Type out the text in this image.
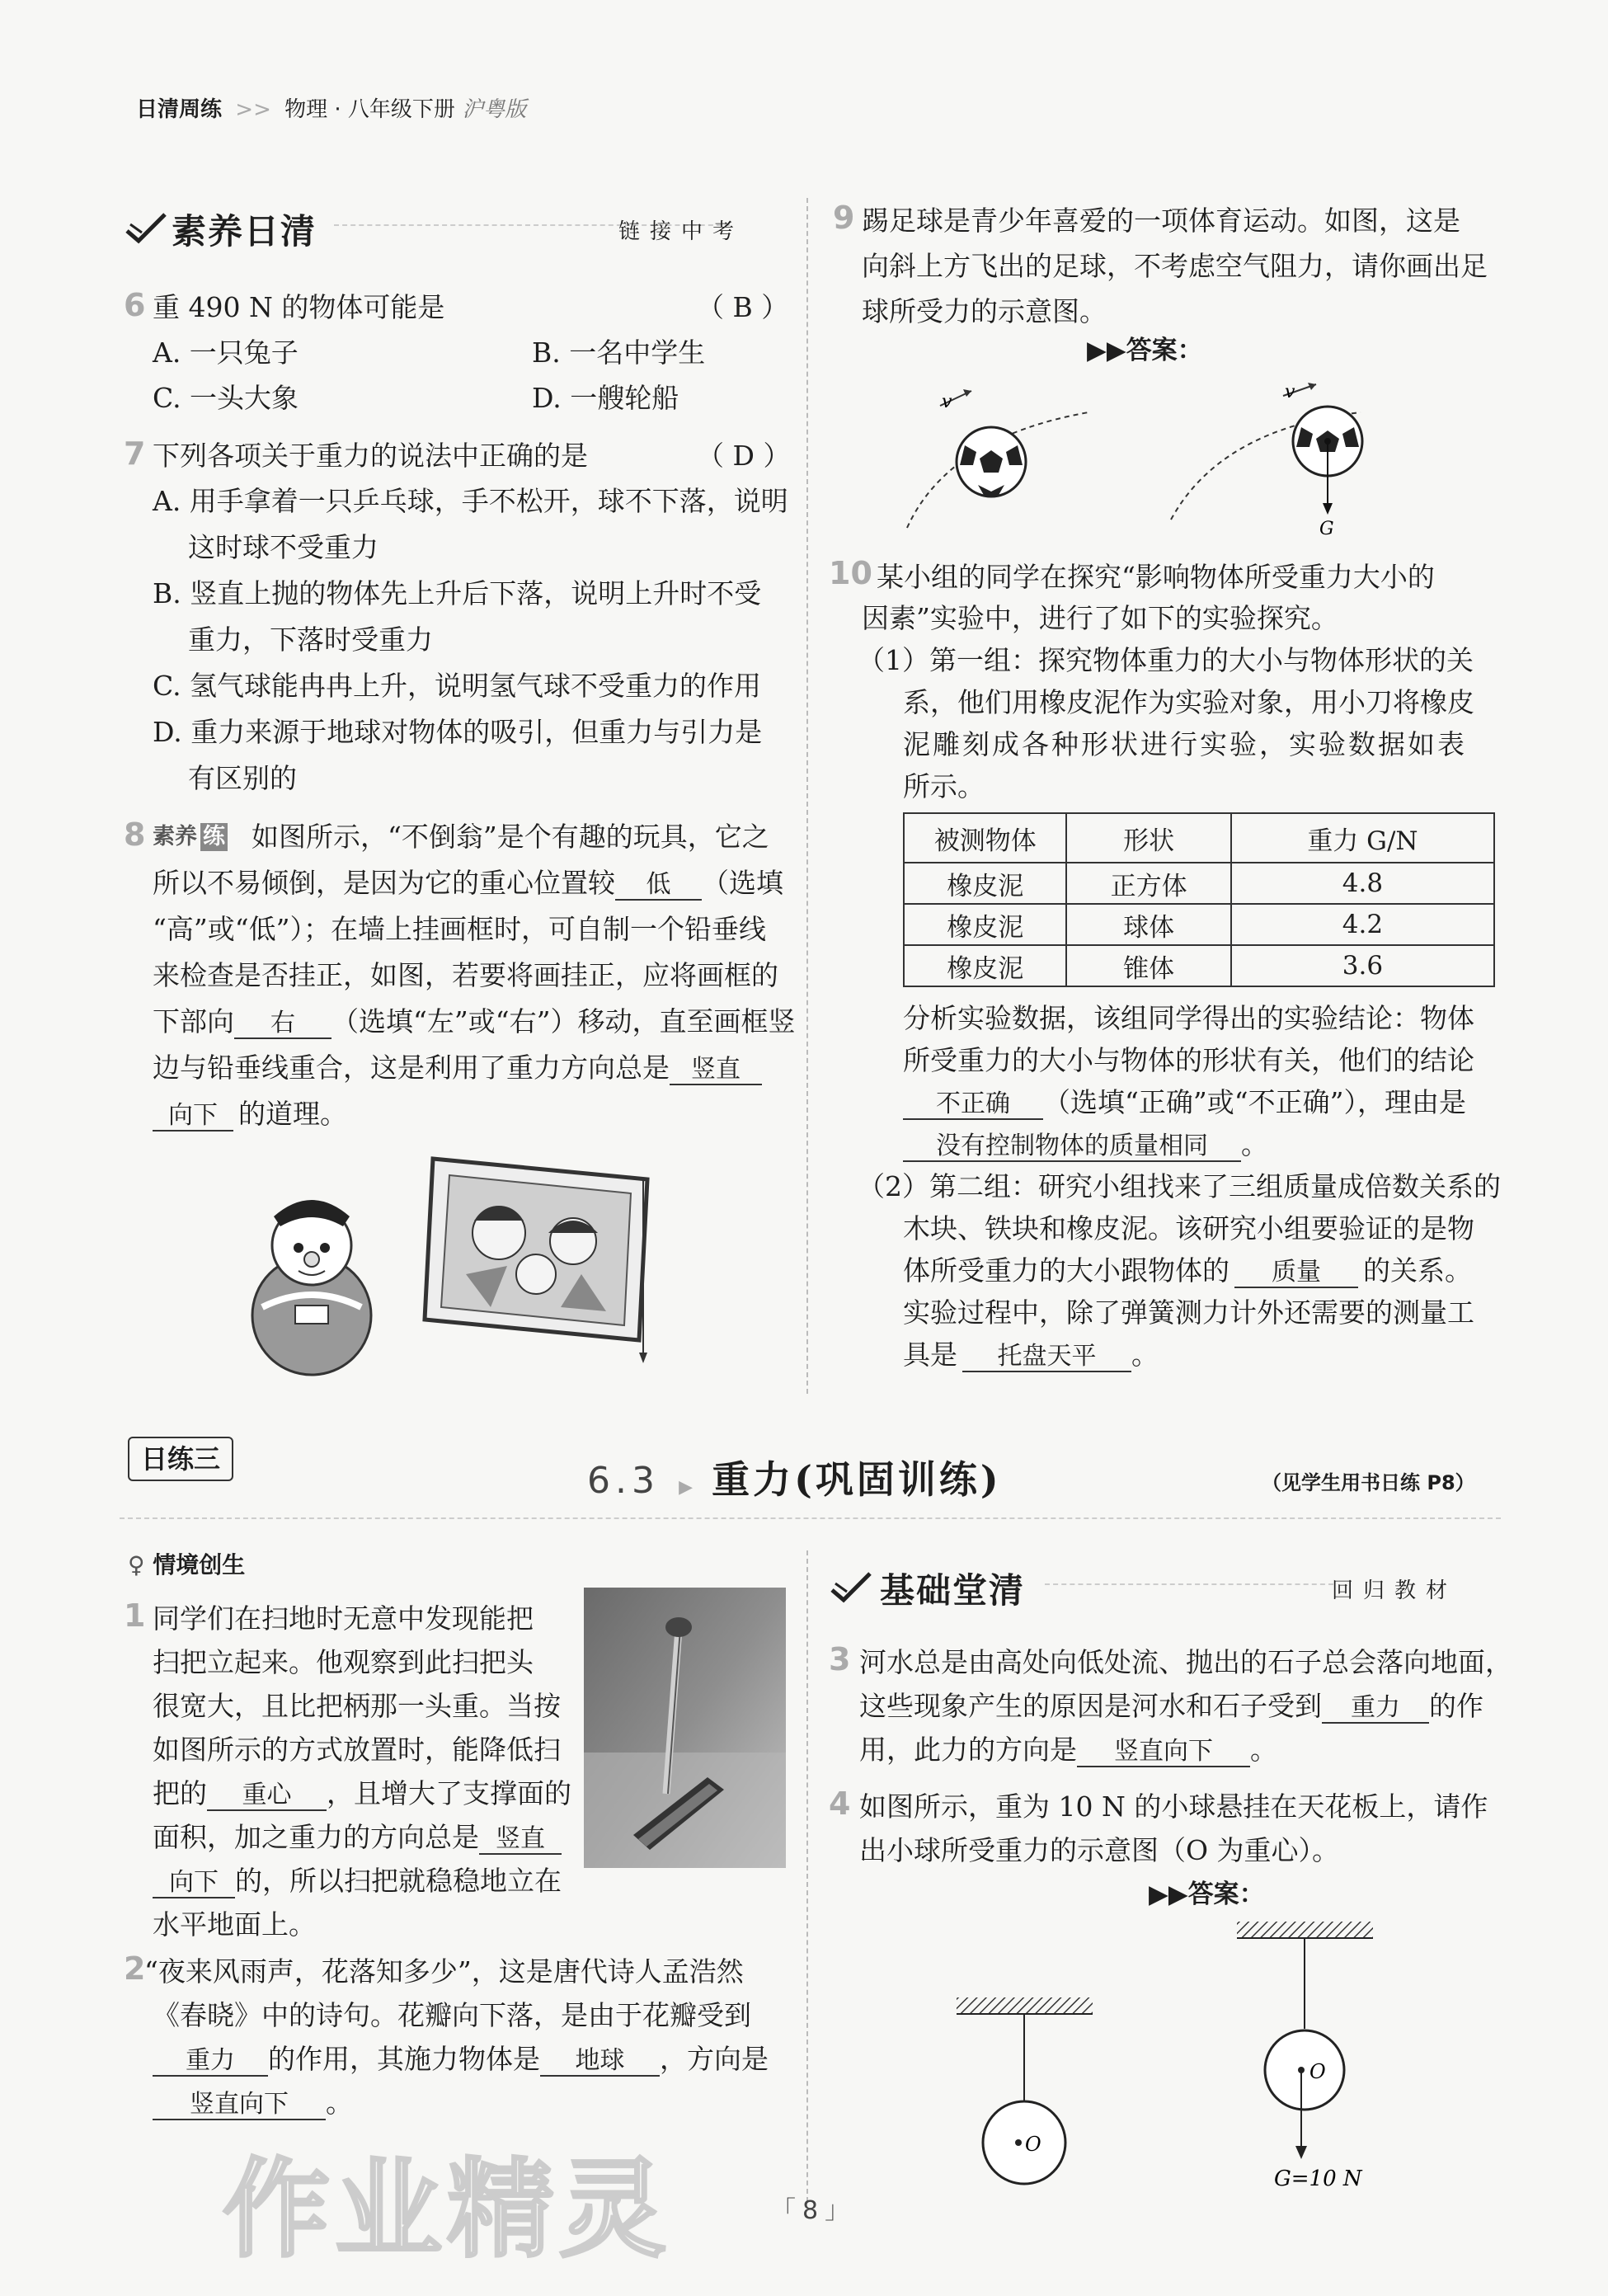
日清周练 >> 物理 · 八年级下册 沪粤版
素养日清	链接中考
6 重 490 N 的物体可能是	（ B ）
A. 一只兔子	B. 一名中学生
C. 一头大象	D. 一艘轮船
7 下列各项关于重力的说法中正确的是	（ D ）
A. 用手拿着一只乒乓球，手不松开，球不下落，说明
这时球不受重力
B. 竖直上抛的物体先上升后下落，说明上升时不受
重力，下落时受重力
C. 氢气球能冉冉上升，说明氢气球不受重力的作用
D. 重力来源于地球对物体的吸引，但重力与引力是
有区别的
8 素养 练 如图所示，“不倒翁”是个有趣的玩具，它之
所以不易倾倒，是因为它的重心位置较 低 （选填
“高”或“低”）；在墙上挂画框时，可自制一个铅垂线
来检查是否挂正，如图，若要将画挂正，应将画框的
下部向 右 （选填“左”或“右”）移动，直至画框竖
边与铅垂线重合，这是利用了重力方向总是 竖直
向下 的道理。
9 踢足球是青少年喜爱的一项体育运动。如图，这是
向斜上方飞出的足球，不考虑空气阻力，请你画出足
球所受力的示意图。
▶▶答案：
v	v
G
10 某小组的同学在探究“影响物体所受重力大小的
因素”实验中，进行了如下的实验探究。
（1）第一组：探究物体重力的大小与物体形状的关
系，他们用橡皮泥作为实验对象，用小刀将橡皮
泥雕刻成各种形状进行实验，实验数据如表
所示。
被测物体	形状	重力 G/N
橡皮泥	正方体	4.8
橡皮泥	球体	4.2
橡皮泥	锥体	3.6
分析实验数据，该组同学得出的实验结论：物体
所受重力的大小与物体的形状有关，他们的结论
不正确 （选填“正确”或“不正确”），理由是
没有控制物体的质量相同 。
（2）第二组：研究小组找来了三组质量成倍数关系的
木块、铁块和橡皮泥。该研究小组要验证的是物
体所受重力的大小跟物体的 质量 的关系。
实验过程中，除了弹簧测力计外还需要的测量工
具是 托盘天平 。
日练三
6.3 ▶ 重力(巩固训练)	（见学生用书日练 P8）
♀ 情境创生
1 同学们在扫地时无意中发现能把
扫把立起来。他观察到此扫把头
很宽大，且比把柄那一头重。当按
如图所示的方式放置时，能降低扫
把的 重心 ，且增大了支撑面的
面积，加之重力的方向总是 竖直
向下 的，所以扫把就稳稳地立在
水平地面上。
2
“夜来风雨声，花落知多少”，这是唐代诗人孟浩然
《春晓》中的诗句。花瓣向下落，是由于花瓣受到
重力 的作用，其施力物体是 地球 ，方向是
竖直向下 。
基础堂清	回归教材
3 河水总是由高处向低处流、抛出的石子总会落向地面，
这些现象产生的原因是河水和石子受到 重力 的作
用，此力的方向是 竖直向下 。
4 如图所示，重为 10 N 的小球悬挂在天花板上，请作
出小球所受重力的示意图（O 为重心）。
▶▶答案：
O
O
G=10 N
作业精灵	「 8 」
